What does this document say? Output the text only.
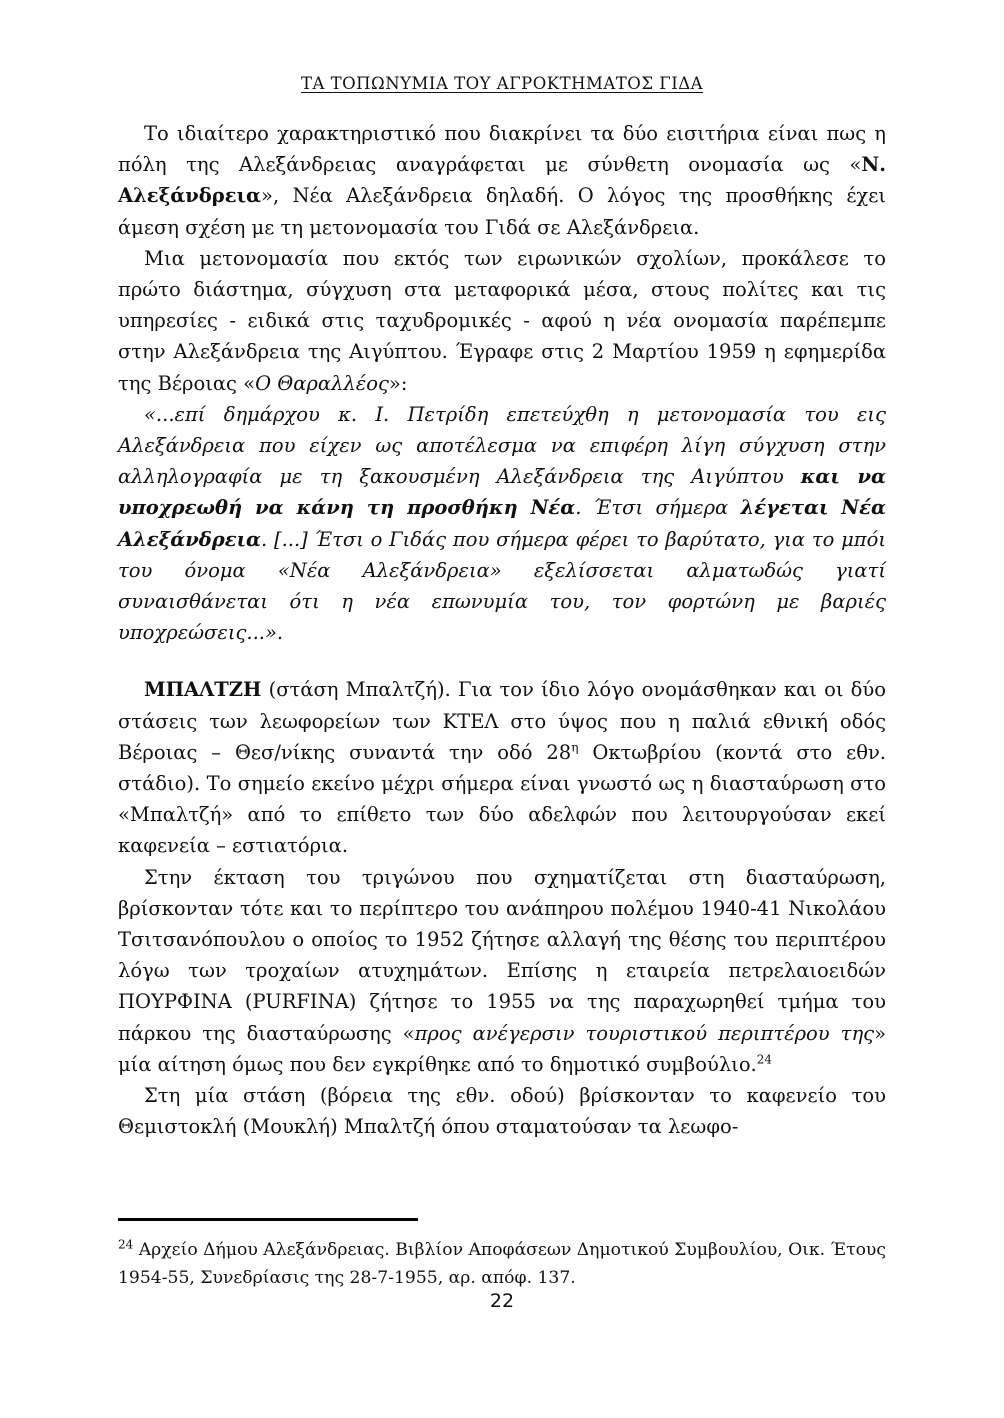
ΤΑ ΤΟΠΩΝΥΜΙΑ ΤΟΥ ΑΓΡΟΚΤΗΜΑΤΟΣ ΓΙΔΑ

Το ιδιαίτερο χαρακτηριστικό που διακρίνει τα δύο εισιτήρια είναι πως η πόλη της Αλεξάνδρειας αναγράφεται με σύνθετη ονομασία ως «Ν. Αλεξάνδρεια», Νέα Αλεξάνδρεια δηλαδή. Ο λόγος της προσθήκης έχει άμεση σχέση με τη μετονομασία του Γιδά σε Αλεξάνδρεια.

Μια μετονομασία που εκτός των ειρωνικών σχολίων, προκάλεσε το πρώτο διάστημα, σύγχυση στα μεταφορικά μέσα, στους πολίτες και τις υπηρεσίες - ειδικά στις ταχυδρομικές - αφού η νέα ονομασία παρέπεμπε στην Αλεξάνδρεια της Αιγύπτου. Έγραφε στις 2 Μαρτίου 1959 η εφημερίδα της Βέροιας «Ο Θαραλλέος»:

«...επί δημάρχου κ. Ι. Πετρίδη επετεύχθη η μετονομασία του εις Αλεξάνδρεια που είχεν ως αποτέλεσμα να επιφέρη λίγη σύγχυση στην αλληλογραφία με τη ξακουσμένη Αλεξάνδρεια της Αιγύπτου και να υποχρεωθή να κάνη τη προσθήκη Νέα. Έτσι σήμερα λέγεται Νέα Αλεξάνδρεια. [...] Έτσι ο Γιδάς που σήμερα φέρει το βαρύτατο, για το μπόι του όνομα «Νέα Αλεξάνδρεια» εξελίσσεται αλματωδώς γιατί συναισθάνεται ότι η νέα επωνυμία του, τον φορτώνη με βαριές υποχρεώσεις...».

ΜΠΑΛΤΖΗ (στάση Μπαλτζή). Για τον ίδιο λόγο ονομάσθηκαν και οι δύο στάσεις των λεωφορείων των ΚΤΕΛ στο ύψος που η παλιά εθνική οδός Βέροιας – Θεσ/νίκης συναντά την οδό $28^\eta$ Οκτωβρίου (κοντά στο εθν. στάδιο). Το σημείο εκείνο μέχρι σήμερα είναι γνωστό ως η διασταύρωση στο «Μπαλτζή» από το επίθετο των δύο αδελφών που λειτουργούσαν εκεί καφενεία – εστιατόρια.

Στην έκταση του τριγώνου που σχηματίζεται στη διασταύρωση, βρίσκονταν τότε και το περίπτερο του ανάπηρου πολέμου 1940-41 Νικολάου Τσιτσανόπουλου ο οποίος το 1952 ζήτησε αλλαγή της θέσης του περιπτέρου λόγω των τροχαίων ατυχημάτων. Επίσης η εταιρεία πετρελαιοειδών ΠΟΥΡΦΙΝΑ (PURFINA) ζήτησε το 1955 να της παραχωρηθεί τμήμα του πάρκου της διασταύρωσης «προς ανέγερσιν τουριστικού περιπτέρου της» μία αίτηση όμως που δεν εγκρίθηκε από το δημοτικό συμβούλιο.$^{24}$

Στη μία στάση (βόρεια της εθν. οδού) βρίσκονταν το καφενείο του Θεμιστοκλή (Μουκλή) Μπαλτζή όπου σταματούσαν τα λεωφο-

$^{24}$ Αρχείο Δήμου Αλεξάνδρειας. Βιβλίον Αποφάσεων Δημοτικού Συμβουλίου, Οικ. Έτους 1954-55, Συνεδρίασις της 28-7-1955, αρ. απόφ. 137.

22
